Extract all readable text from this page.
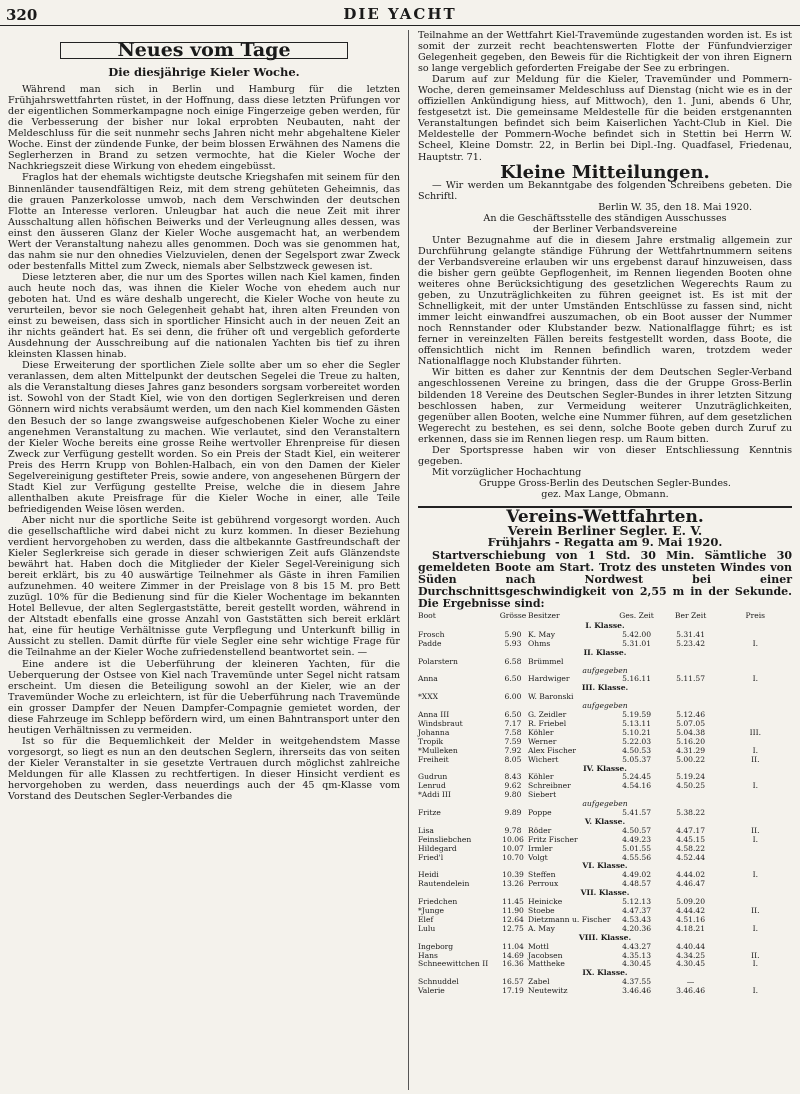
320	DIE YACHT
Neues vom Tage
Die diesjährige Kieler Woche.

Während man sich in Berlin und Hamburg für die letzten Frühjahrswettfahrten rüstet, in der Hoffnung, dass diese letzten Prüfungen vor der eigentlichen Sommerkampagne noch einige Fingerzeige geben werden, für die Verbesserung der bisher nur lokal erprobten Neubauten, naht der Meldeschluss für die seit nunmehr sechs Jahren nicht mehr abgehaltene Kieler Woche. Einst der zündende Funke, der beim blossen Erwähnen des Namens die Seglerherzen in Brand zu setzen vermochte, hat die Kieler Woche der Nachkriegszeit diese Wirkung von ehedem eingebüsst.

Fraglos hat der ehemals wichtigste deutsche Kriegshafen mit seinem für den Binnenländer tausendfältigen Reiz, mit dem streng gehüteten Geheimnis, das die grauen Panzerkolosse umwob, nach dem Verschwinden der deutschen Flotte an Interesse verloren. Unleugbar hat auch die neue Zeit mit ihrer Ausschaltung allen höfischen Beiwerks und der Verleugnung alles dessen, was einst den äusseren Glanz der Kieler Woche ausgemacht hat, an werbendem Wert der Veranstaltung nahezu alles genommen. Doch was sie genommen hat, das nahm sie nur den ohnedies Vielzuvielen, denen der Segelsport zwar Zweck oder bestenfalls Mittel zum Zweck, niemals aber Selbstzweck gewesen ist.

Diese letzteren aber, die nur um des Sportes willen nach Kiel kamen, finden auch heute noch das, was ihnen die Kieler Woche von ehedem auch nur geboten hat. Und es wäre deshalb ungerecht, die Kieler Woche von heute zu verurteilen, bevor sie noch Gelegenheit gehabt hat, ihren alten Freunden von einst zu beweisen, dass sich in sportlicher Hinsicht auch in der neuen Zeit an ihr nichts geändert hat. Es sei denn, die früher oft und vergeblich geforderte Ausdehnung der Ausschreibung auf die nationalen Yachten bis tief zu ihren kleinsten Klassen hinab.

Diese Erweiterung der sportlichen Ziele sollte aber um so eher die Segler veranlassen, dem alten Mittelpunkt der deutschen Segelei die Treue zu halten, als die Veranstaltung dieses Jahres ganz besonders sorgsam vorbereitet worden ist. Sowohl von der Stadt Kiel, wie von den dortigen Seglerkreisen und deren Gönnern wird nichts verabsäumt werden, um den nach Kiel kommenden Gästen den Besuch der so lange zwangsweise aufgeschobenen Kieler Woche zu einer angenehmen Veranstaltung zu machen. Wie verlautet, sind den Veranstaltern der Kieler Woche bereits eine grosse Reihe wertvoller Ehrenpreise für diesen Zweck zur Verfügung gestellt worden. So ein Preis der Stadt Kiel, ein weiterer Preis des Herrn Krupp von Bohlen-Halbach, ein von den Damen der Kieler Segelvereinigung gestifteter Preis, sowie andere, von angesehenen Bürgern der Stadt Kiel zur Verfügung gestellte Preise, welche die in diesem Jahre allenthalben akute Preisfrage für die Kieler Woche in einer, alle Teile befriedigenden Weise lösen werden.

Aber nicht nur die sportliche Seite ist gebührend vorgesorgt worden. Auch die gesellschaftliche wird dabei nicht zu kurz kommen. In dieser Beziehung verdient hervorgehoben zu werden, dass die altbekannte Gastfreundschaft der Kieler Seglerkreise sich gerade in dieser schwierigen Zeit aufs Glänzendste bewährt hat. Haben doch die Mitglieder der Kieler Segel-Vereinigung sich bereit erklärt, bis zu 40 auswärtige Teilnehmer als Gäste in ihren Familien aufzunehmen. 40 weitere Zimmer in der Preislage von 8 bis 15 M. pro Bett zuzügl. 10% für die Bedienung sind für die Kieler Wochentage im bekannten Hotel Bellevue, der alten Seglergaststätte, bereit gestellt worden, während in der Altstadt ebenfalls eine grosse Anzahl von Gaststätten sich bereit erklärt hat, eine für heutige Verhältnisse gute Verpflegung und Unterkunft billig in Aussicht zu stellen. Damit dürfte für viele Segler eine sehr wichtige Frage für die Teilnahme an der Kieler Woche zufriedenstellend beantwortet sein. —

Eine andere ist die Ueberführung der kleineren Yachten, für die Ueberquerung der Ostsee von Kiel nach Travemünde unter Segel nicht ratsam erscheint. Um diesen die Beteiligung sowohl an der Kieler, wie an der Travemünder Woche zu erleichtern, ist für die Ueberführung nach Travemünde ein grosser Dampfer der Neuen Dampfer-Compagnie gemietet worden, der diese Fahrzeuge im Schlepp befördern wird, um einen Bahntransport unter den heutigen Verhältnissen zu vermeiden.

Ist so für die Bequemlichkeit der Melder in weitgehendstem Masse vorgesorgt, so liegt es nun an den deutschen Seglern, ihrerseits das von seiten der Kieler Veranstalter in sie gesetzte Vertrauen durch möglichst zahlreiche Meldungen für alle Klassen zu rechtfertigen. In dieser Hinsicht verdient es hervorgehoben zu werden, dass neuerdings auch der 45 qm-Klasse vom Vorstand des Deutschen Segler-Verbandes die

Teilnahme an der Wettfahrt Kiel-Travemünde zugestanden worden ist. Es ist somit der zurzeit recht beachtenswerten Flotte der Fünfundvierziger Gelegenheit gegeben, den Beweis für die Richtigkeit der von ihren Eignern so lange vergeblich geforderten Freigabe der See zu erbringen.

Darum auf zur Meldung für die Kieler, Travemünder und Pommern-Woche, deren gemeinsamer Meldeschluss auf Dienstag (nicht wie es in der offiziellen Ankündigung hiess, auf Mittwoch), den 1. Juni, abends 6 Uhr, festgesetzt ist. Die gemeinsame Meldestelle für die beiden erstgenannten Veranstaltungen befindet sich beim Kaiserlichen Yacht-Club in Kiel. Die Meldestelle der Pommern-Woche befindet sich in Stettin bei Herrn W. Scheel, Kleine Domstr. 22, in Berlin bei Dipl.-Ing. Quadfasel, Friedenau, Hauptstr. 71.

Kleine Mitteilungen.

— Wir werden um Bekanntgabe des folgenden Schreibens gebeten. Die Schriftl.

Berlin W. 35, den 18. Mai 1920.

An die Geschäftsstelle des ständigen Ausschusses

der Berliner Verbandsvereine

Unter Bezugnahme auf die in diesem Jahre erstmalig allgemein zur Durchführung gelangte ständige Führung der Wettfahrtnummern seitens der Verbandsvereine erlauben wir uns ergebenst darauf hinzuweisen, dass die bisher gern geübte Gepflogenheit, im Rennen liegenden Booten ohne weiteres ohne Berücksichtigung des gesetzlichen Wegerechts Raum zu geben, zu Unzuträglichkeiten zu führen geeignet ist. Es ist mit der Schnelligkeit, mit der unter Umständen Entschlüsse zu fassen sind, nicht immer leicht einwandfrei auszumachen, ob ein Boot ausser der Nummer noch Rennstander oder Klubstander bezw. Nationalflagge führt; es ist ferner in vereinzelten Fällen bereits festgestellt worden, dass Boote, die offensichtlich nicht im Rennen befindlich waren, trotzdem weder Nationalflagge noch Klubstander führten.

Wir bitten es daher zur Kenntnis der dem Deutschen Segler-Verband angeschlossenen Vereine zu bringen, dass die der Gruppe Gross-Berlin bildenden 18 Vereine des Deutschen Segler-Bundes in ihrer letzten Sitzung beschlossen haben, zur Vermeidung weiterer Unzuträglichkeiten, gegenüber allen Booten, welche eine Nummer führen, auf dem gesetzlichen Wegerecht zu bestehen, es sei denn, solche Boote geben durch Zuruf zu erkennen, dass sie im Rennen liegen resp. um Raum bitten.

Der Sportspresse haben wir von dieser Entschliessung Kenntnis gegeben.

Mit vorzüglicher Hochachtung

Gruppe Gross-Berlin des Deutschen Segler-Bundes.

gez. Max Lange, Obmann.

Vereins-Wettfahrten.
Verein Berliner Segler. E. V.
Frühjahrs - Regatta am 9. Mai 1920.
Startverschiebung von 1 Std. 30 Min. Sämtliche 30 gemeldeten Boote am Start. Trotz des unsteten Windes von Süden nach Nordwest bei einer Durchschnittsgeschwindigkeit von 2,55 m in der Sekunde. Die Ergebnisse sind:
Boot	Grösse	Besitzer	Ges. Zeit	Ber Zeit	Preis
I. Klasse.					
Frosch	5.90	K. May	5.42.00	5.31.41	
Padde	5.93	Ohms	5.31.01	5.23.42	I.
II. Klasse.					
Polarstern	6.58	Brümmel			
aufgegeben					
Anna	6.50	Hardwiger	5.16.11	5.11.57	I.
III. Klasse.					
*XXX	6.00	W. Baronski			
aufgegeben					
Anna III	6.50	G. Zeidler	5.19.59	5.12.46	
Windsbraut	7.17	R. Friebel	5.13.11	5.07.05	
Johanna	7.58	Köhler	5.10.21	5.04.38	III.
Tropik	7.59	Werner	5.22.03	5.16.20	
*Mulleken	7.92	Alex Fischer	4.50.53	4.31.29	I.
Freiheit	8.05	Wichert	5.05.37	5.00.22	II.
IV. Klasse.					
Gudrun	8.43	Köhler	5.24.45	5.19.24	
Lenrud	9.62	Schreibner	4.54.16	4.50.25	I.
*Addi III	9.80	Siebert			
aufgegeben					
Fritze	9.89	Poppe	5.41.57	5.38.22	
V. Klasse.					
Lisa	9.78	Röder	4.50.57	4.47.17	II.
Feinsliebchen	10.06	Fritz Fischer	4.49.23	4.45.15	I.
Hildegard	10.07	Irmler	5.01.55	4.58.22	
Fried'l	10.70	Volgt	4.55.56	4.52.44	
VI. Klasse.					
Heidi	10.39	Steffen	4.49.02	4.44.02	I.
Rautendelein	13.26	Perroux	4.48.57	4.46.47	
VII. Klasse.					
Friedchen	11.45	Heinicke	5.12.13	5.09.20	
*Junge	11.90	Stoebe	4.47.37	4.44.42	II.
Elef	12.64	Dietzmann u. Fischer	4.53.43	4.51.16	
Lulu	12.75	A. May	4.20.36	4.18.21	I.
VIII. Klasse.					
Ingeborg	11.04	Mottl	4.43.27	4.40.44	
Hans	14.69	Jacobsen	4.35.13	4.34.25	II.
Schneewittchen II	16.36	Mattheke	4.30.45	4.30.45	I.
IX. Klasse.					
Schnuddel	16.57	Zabel	4.37.55	—	
Valerie	17.19	Neutewitz	3.46.46	3.46.46	I.
